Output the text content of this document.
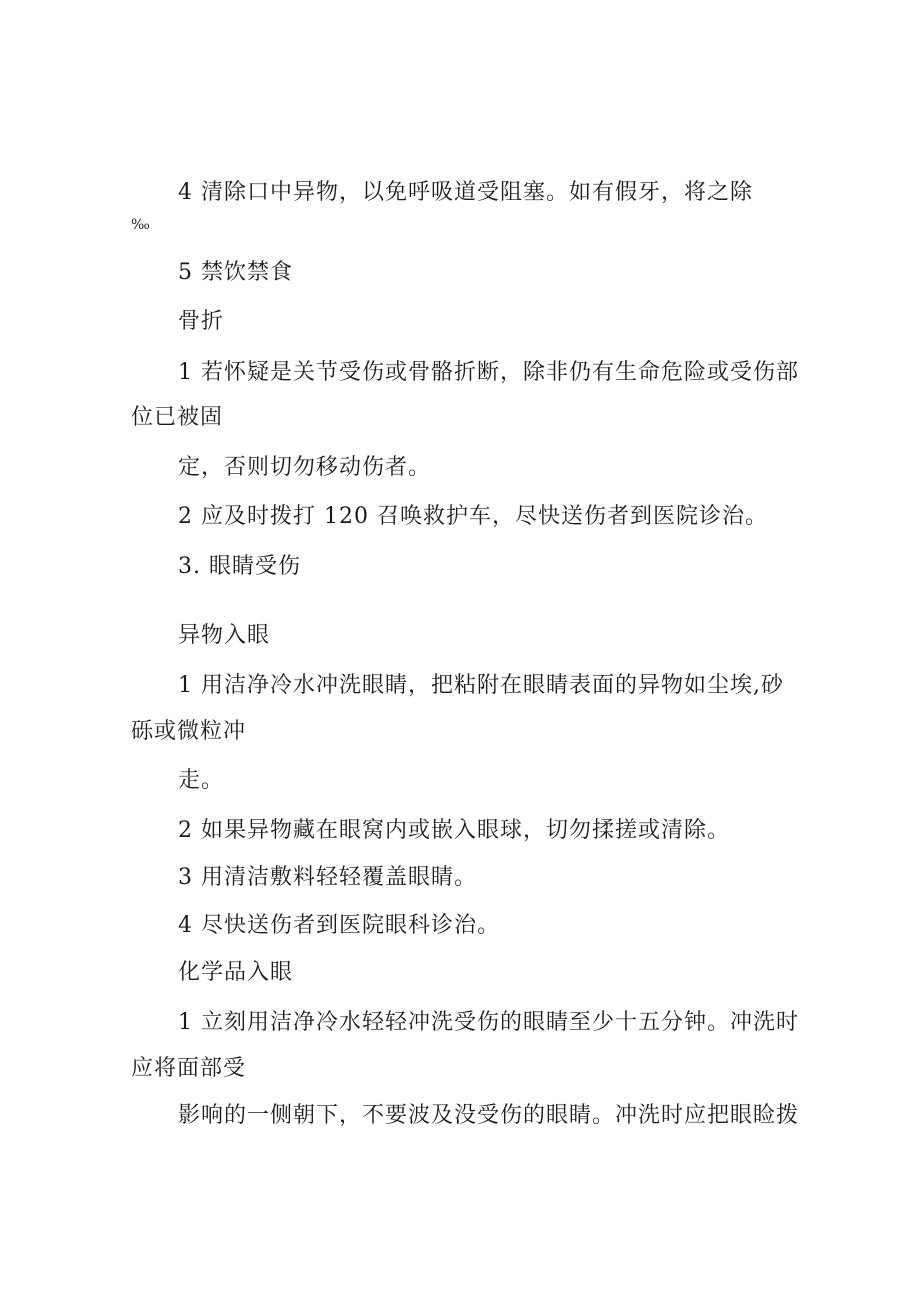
4 清除口中异物，以免呼吸道受阻塞。如有假牙，将之除

‰

5 禁饮禁食

骨折

1 若怀疑是关节受伤或骨骼折断，除非仍有生命危险或受伤部

位已被固

定，否则切勿移动伤者。

2 应及时拨打 120 召唤救护车，尽快送伤者到医院诊治。

3. 眼睛受伤

异物入眼

1 用洁净冷水冲洗眼睛，把粘附在眼睛表面的异物如尘埃,砂

砾或微粒冲

走。

2 如果异物藏在眼窝内或嵌入眼球，切勿揉搓或清除。

3 用清洁敷料轻轻覆盖眼睛。

4 尽快送伤者到医院眼科诊治。

化学品入眼

1 立刻用洁净冷水轻轻冲洗受伤的眼睛至少十五分钟。冲洗时

应将面部受

影响的一侧朝下，不要波及没受伤的眼睛。冲洗时应把眼睑拨
